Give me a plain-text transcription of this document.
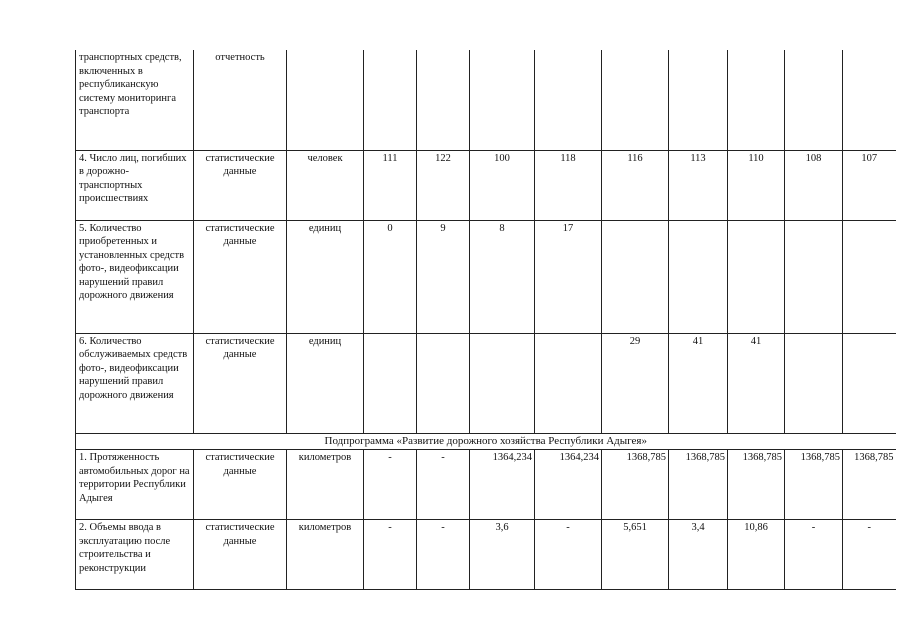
транспортных средств, включенных в республиканскую систему мониторинга транспорта	отчетность										
4. Число лиц, погибших в дорожно-транспортных происшествиях	статистические данные	человек	111	122	100	118	116	113	110	108	107
5. Количество приобретенных и установленных средств фото-, видеофиксации нарушений правил дорожного движения	статистические данные	единиц	0	9	8	17					
6. Количество обслуживаемых средств фото-, видеофиксации нарушений правил дорожного движения	статистические данные	единиц					29	41	41		
Подпрограмма «Развитие дорожного хозяйства Республики Адыгея»											
1. Протяженность автомобильных дорог на территории Республики Адыгея	статистические данные	километров	-	-	1364,234	1364,234	1368,785	1368,785	1368,785	1368,785	1368,785
2. Объемы ввода в эксплуатацию после строительства и реконструкции	статистические данные	километров	-	-	3,6	-	5,651	3,4	10,86	-	-
